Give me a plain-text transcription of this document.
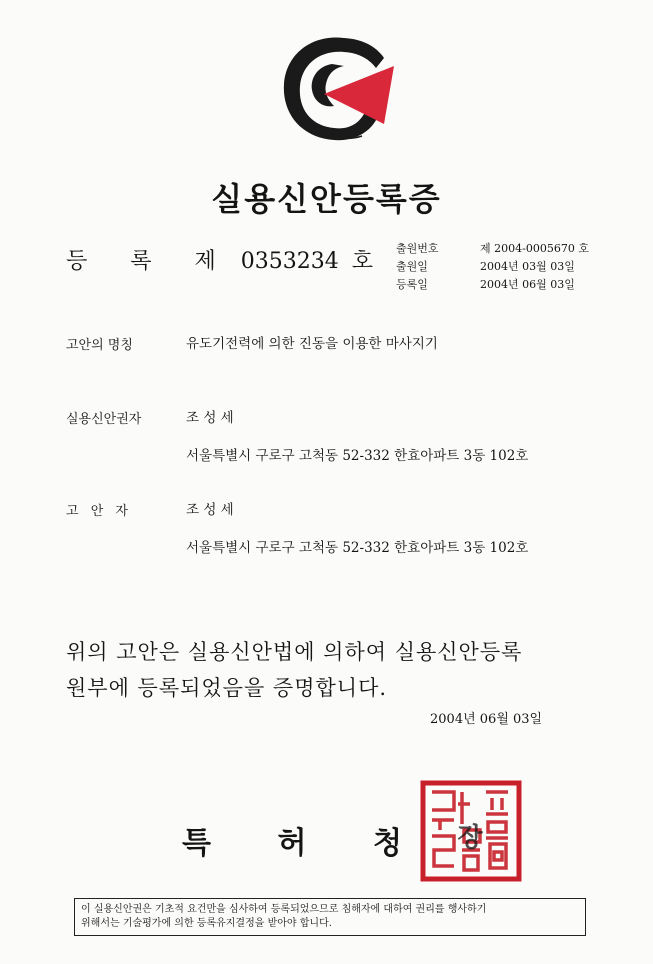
실용신안등록증
등 록 제 0353234 호
출원번호	제 2004-0005670 호
출원일	2004년 03월 03일
등록일	2004년 06월 03일
고안의 명칭	유도기전력에 의한 진동을 이용한 마사지기
실용신안권자	조 성 세
서울특별시 구로구 고척동 52-332 한효아파트 3동 102호
고 안 자	조 성 세
서울특별시 구로구 고척동 52-332 한효아파트 3동 102호
위의 고안은 실용신안법에 의하여 실용신안등록
원부에 등록되었음을 증명합니다.
2004년 06월 03일
특 허 청 장
이 실용신안권은 기초적 요건만을 심사하여 등록되었으므로 침해자에 대하여 권리를 행사하기
위해서는 기술평가에 의한 등록유지결정을 받아야 합니다.
